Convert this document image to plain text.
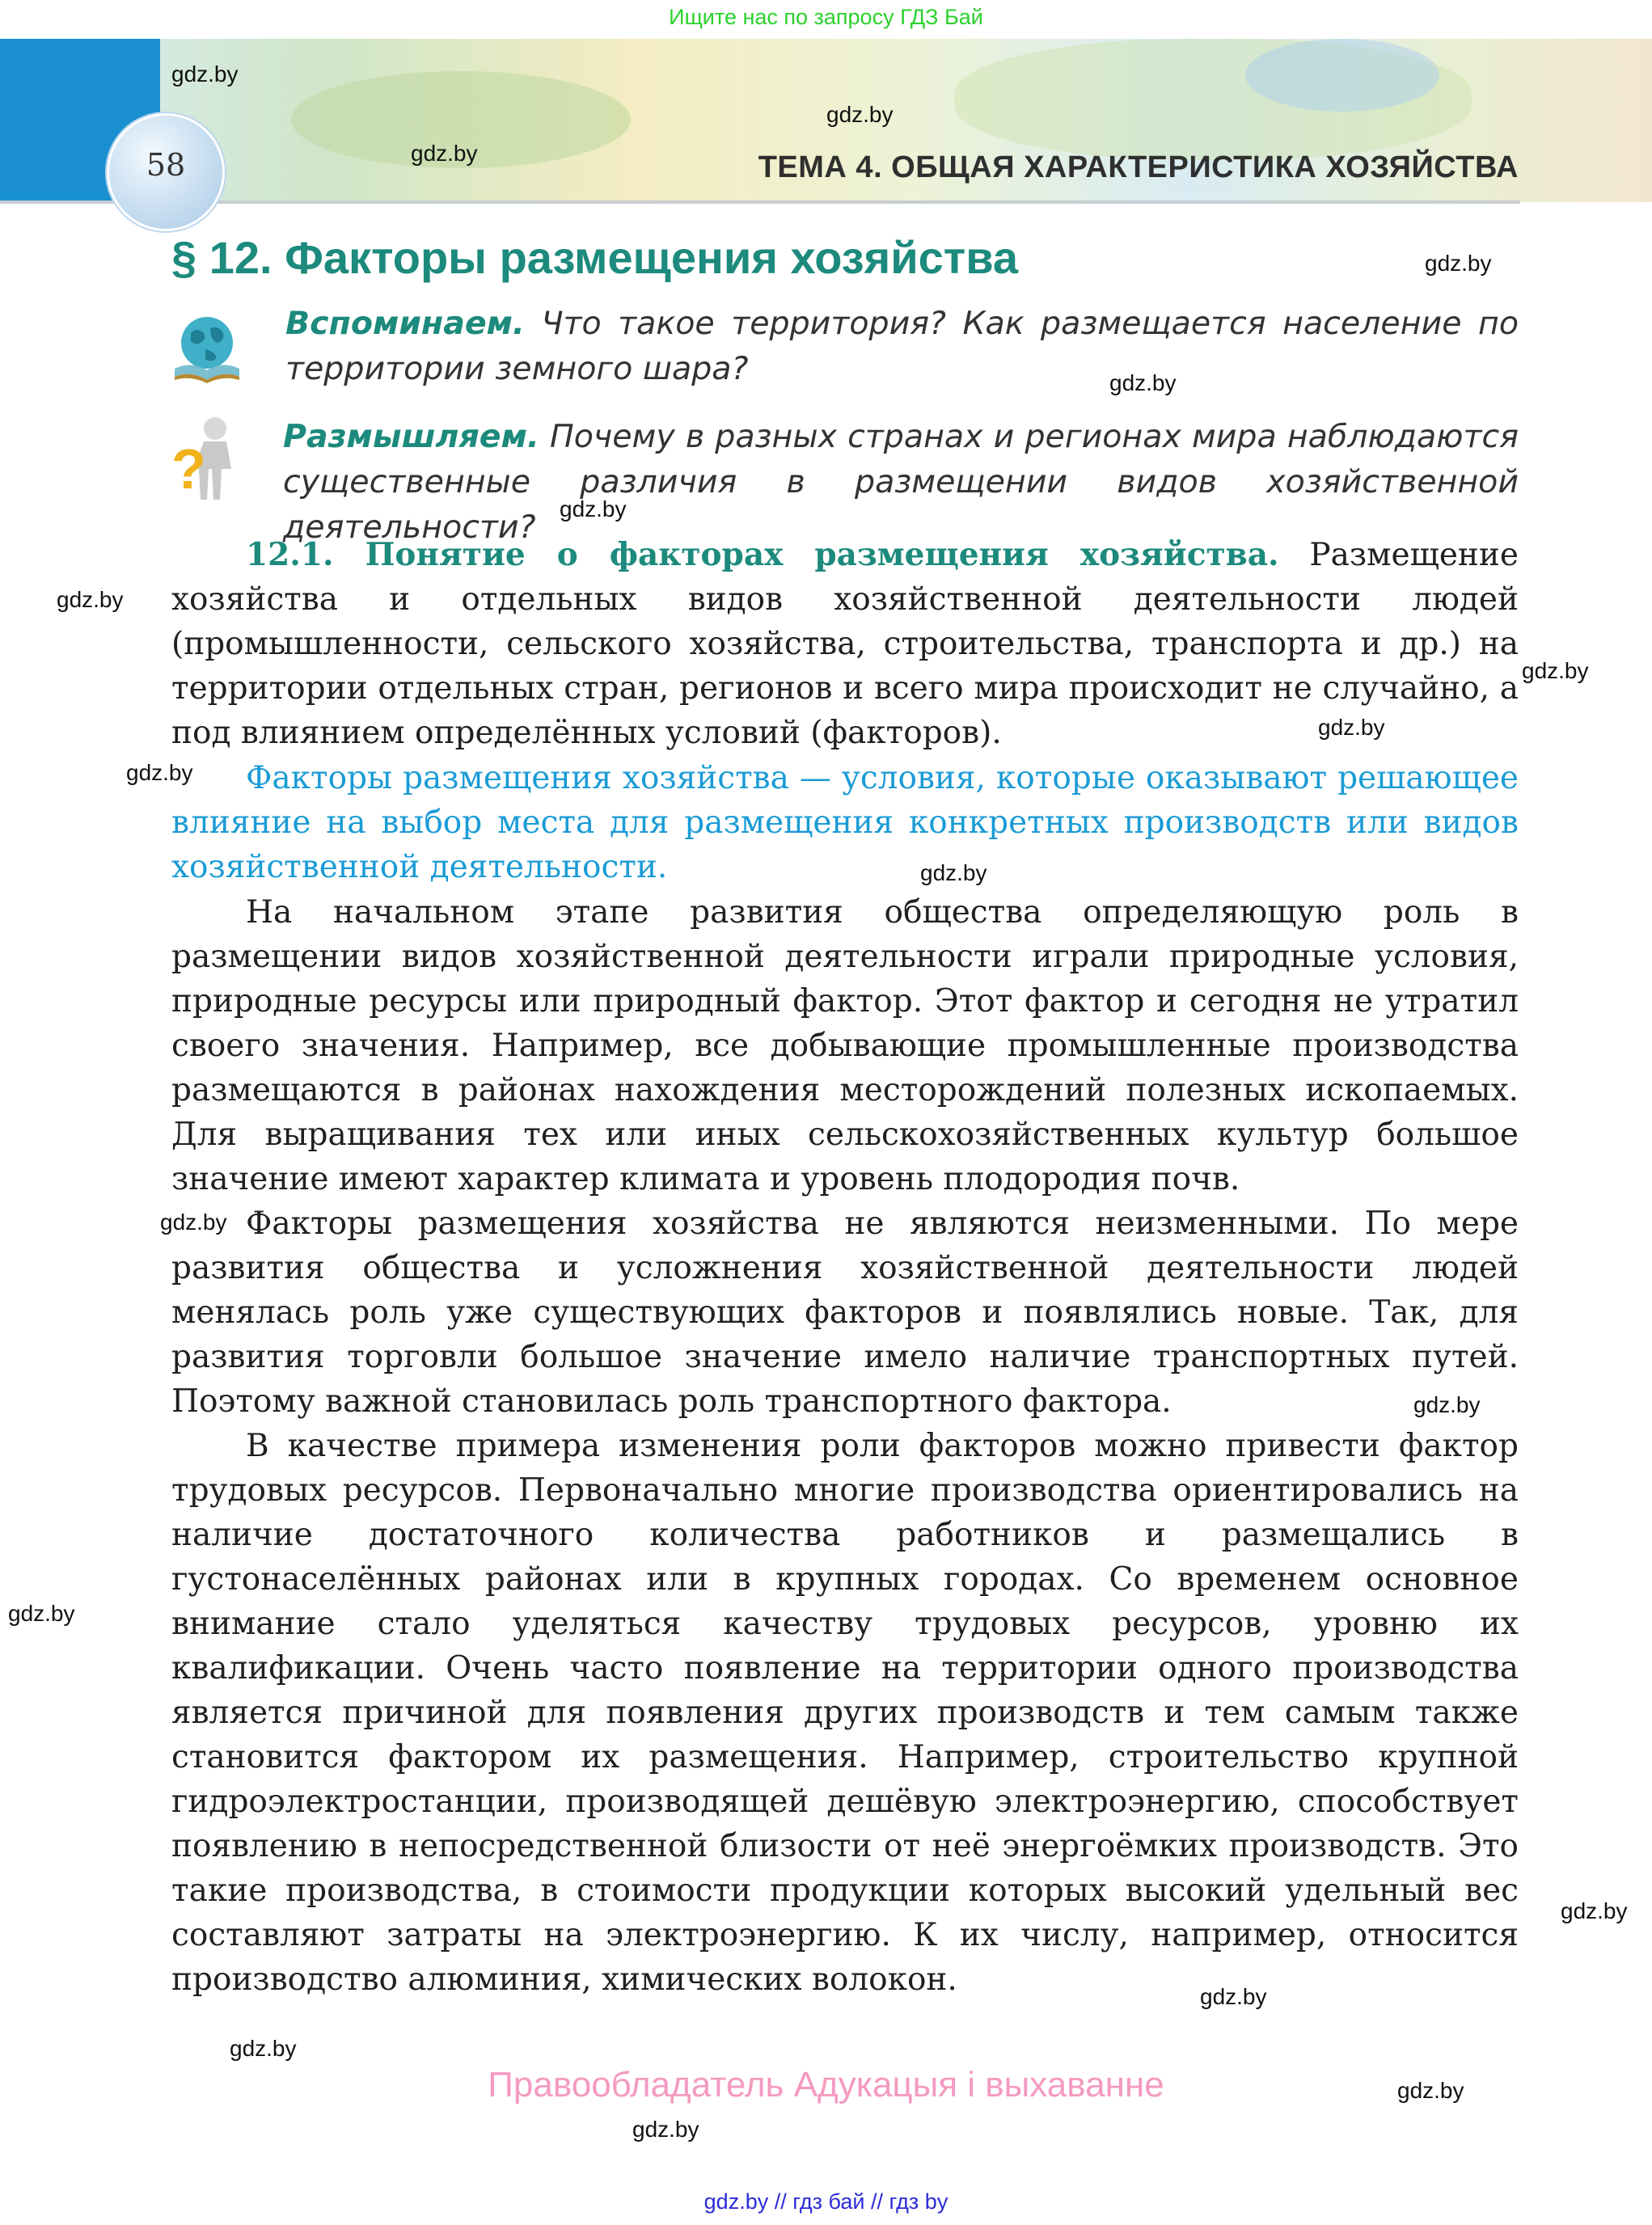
Ищите нас по запросу ГДЗ Бай
58	ТЕМА 4. ОБЩАЯ ХАРАКТЕРИСТИКА ХОЗЯЙСТВА
§ 12. Факторы размещения хозяйства
Вспоминаем. Что такое территория? Как размещается население по территории земного шара?
?
Размышляем. Почему в разных странах и регионах мира наблюдаются существенные различия в размещении видов хозяйственной деятельности?

12.1. Понятие о факторах размещения хозяйства. Размещение хозяйства и отдельных видов хозяйственной деятельности людей (промышленности, сельского хозяйства, строительства, транспорта и др.) на территории отдельных стран, регионов и всего мира происходит не случайно, а под влиянием определённых условий (факторов).

Факторы размещения хозяйства — условия, которые оказывают решающее влияние на выбор места для размещения конкретных производств или видов хозяйственной деятельности.

На начальном этапе развития общества определяющую роль в размещении видов хозяйственной деятельности играли природные условия, природные ресурсы или природный фактор. Этот фактор и сегодня не утратил своего значения. Например, все добывающие промышленные производства размещаются в районах нахождения месторождений полезных ископаемых. Для выращивания тех или иных сельскохозяйственных культур большое значение имеют характер климата и уровень плодородия почв.

Факторы размещения хозяйства не являются неизменными. По мере развития общества и усложнения хозяйственной деятельности людей менялась роль уже существующих факторов и появлялись новые. Так, для развития торговли большое значение имело наличие транспортных путей. Поэтому важной становилась роль транспортного фактора.

В качестве примера изменения роли факторов можно привести фактор трудовых ресурсов. Первоначально многие производства ориентировались на наличие достаточного количества работников и размещались в густонаселённых районах или в крупных городах. Со временем основное внимание стало уделяться качеству трудовых ресурсов, уровню их квалификации. Очень часто появление на территории одного производства является причиной для появления других производств и тем самым также становится фактором их размещения. Например, строительство крупной гидроэлектростанции, производящей дешёвую электроэнергию, способствует появлению в непосредственной близости от неё энергоёмких производств. Это такие производства, в стоимости продукции которых высокий удельный вес составляют затраты на электроэнергию. К их числу, например, относится производство алюминия, химических волокон.

gdz.by
gdz.by
gdz.by
gdz.by
gdz.by
gdz.by
gdz.by
gdz.by
gdz.by
gdz.by
gdz.by
gdz.by
gdz.by
gdz.by
gdz.by
gdz.by
gdz.by
gdz.by
gdz.by
Правообладатель Адукацыя і выхаванне
gdz.by // гдз бай // гдз by
